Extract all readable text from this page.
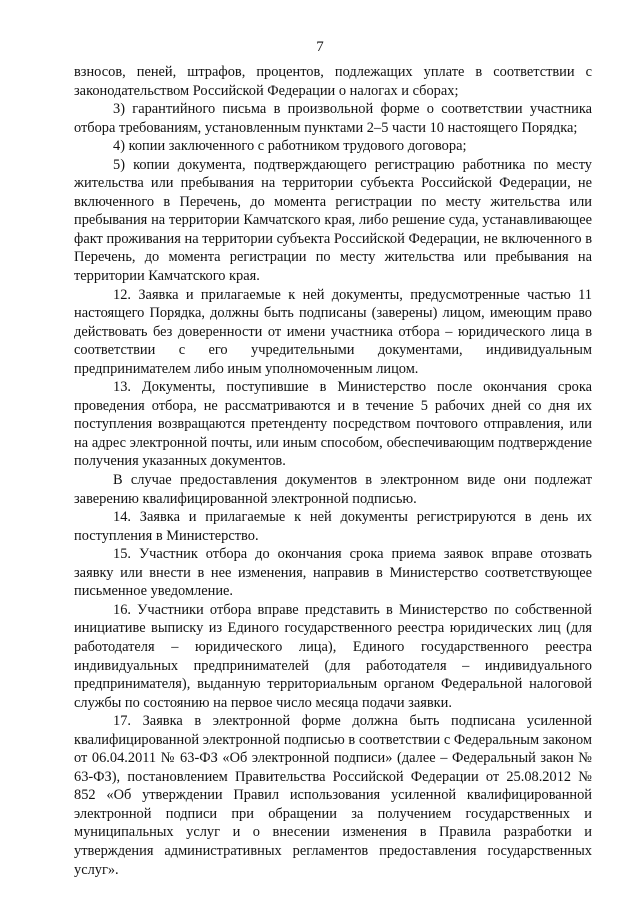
7

взносов, пеней, штрафов, процентов, подлежащих уплате в соответствии с законодательством Российской Федерации о налогах и сборах;

3) гарантийного письма в произвольной форме о соответствии участника отбора требованиям, установленным пунктами 2–5 части 10 настоящего Порядка;

4) копии заключенного с работником трудового договора;

5) копии документа, подтверждающего регистрацию работника по месту жительства или пребывания на территории субъекта Российской Федерации, не включенного в Перечень, до момента регистрации по месту жительства или пребывания на территории Камчатского края, либо решение суда, устанавливающее факт проживания на территории субъекта Российской Федерации, не включенного в Перечень, до момента регистрации по месту жительства или пребывания на территории Камчатского края.

12. Заявка и прилагаемые к ней документы, предусмотренные частью 11 настоящего Порядка, должны быть подписаны (заверены) лицом, имеющим право действовать без доверенности от имени участника отбора – юридического лица в соответствии с его учредительными документами, индивидуальным предпринимателем либо иным уполномоченным лицом.

13. Документы, поступившие в Министерство после окончания срока проведения отбора, не рассматриваются и в течение 5 рабочих дней со дня их поступления возвращаются претенденту посредством почтового отправления, или на адрес электронной почты, или иным способом, обеспечивающим подтверждение получения указанных документов.

В случае предоставления документов в электронном виде они подлежат заверению квалифицированной электронной подписью.

14. Заявка и прилагаемые к ней документы регистрируются в день их поступления в Министерство.

15. Участник отбора до окончания срока приема заявок вправе отозвать заявку или внести в нее изменения, направив в Министерство соответствующее письменное уведомление.

16. Участники отбора вправе представить в Министерство по собственной инициативе выписку из Единого государственного реестра юридических лиц (для работодателя – юридического лица), Единого государственного реестра индивидуальных предпринимателей (для работодателя – индивидуального предпринимателя), выданную территориальным органом Федеральной налоговой службы по состоянию на первое число месяца подачи заявки.

17. Заявка в электронной форме должна быть подписана усиленной квалифицированной электронной подписью в соответствии с Федеральным законом от 06.04.2011 № 63-ФЗ «Об электронной подписи» (далее – Федеральный закон № 63-ФЗ), постановлением Правительства Российской Федерации от 25.08.2012 № 852 «Об утверждении Правил использования усиленной квалифицированной электронной подписи при обращении за получением государственных и муниципальных услуг и о внесении изменения в Правила разработки и утверждения административных регламентов предоставления государственных услуг».
